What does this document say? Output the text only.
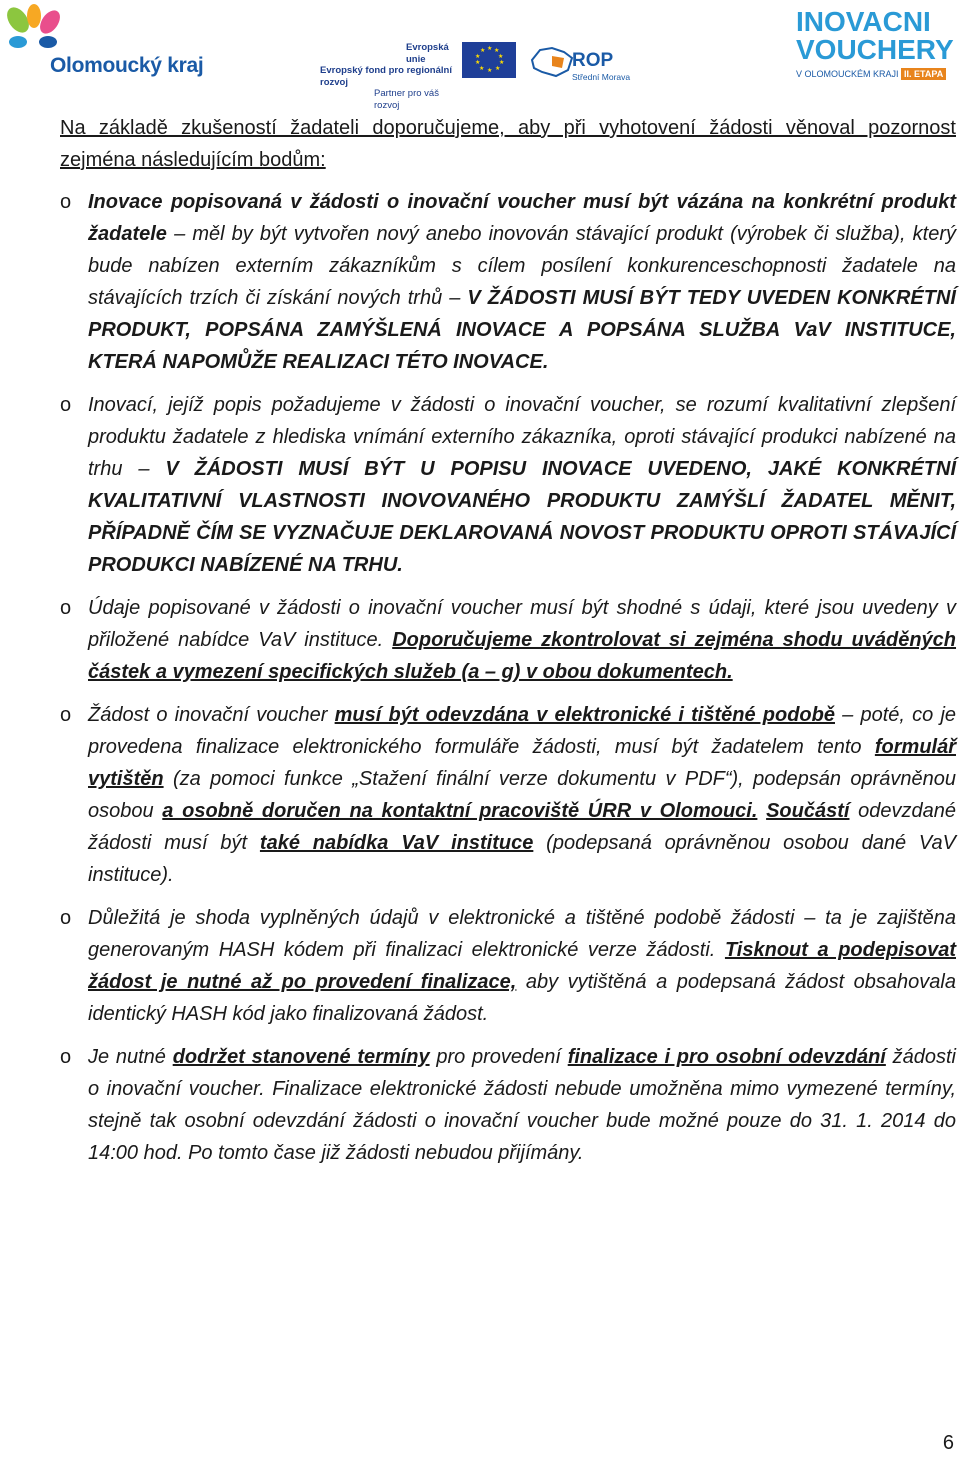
Olomoucký kraj
Evropská unie
Evropský fond pro regionální rozvoj
Partner pro váš rozvoj
★ ★
★
★
★
★
★
★
★
★	ROP
Střední Morava
INOVACNI
VOUCHERY
V OLOMOUCKÉM KRAJI II. ETAPA

Na základě zkušeností žadateli doporučujeme, aby při vyhotovení žádosti věnoval pozornost zejména následujícím bodům:

o Inovace popisovaná v žádosti o inovační voucher musí být vázána na konkrétní produkt žadatele – měl by být vytvořen nový anebo inovován stávající produkt (výrobek či služba), který bude nabízen externím zákazníkům s cílem posílení konkurenceschopnosti žadatele na stávajících trzích či získání nových trhů – V ŽÁDOSTI MUSÍ BÝT TEDY UVEDEN KONKRÉTNÍ PRODUKT, POPSÁNA ZAMÝŠLENÁ INOVACE A POPSÁNA SLUŽBA VaV INSTITUCE, KTERÁ NAPOMŮŽE REALIZACI TÉTO INOVACE.
o Inovací, jejíž popis požadujeme v žádosti o inovační voucher, se rozumí kvalitativní zlepšení produktu žadatele z hlediska vnímání externího zákazníka, oproti stávající produkci nabízené na trhu – V ŽÁDOSTI MUSÍ BÝT U POPISU INOVACE UVEDENO, JAKÉ KONKRÉTNÍ KVALITATIVNÍ VLASTNOSTI INOVOVANÉHO PRODUKTU ZAMÝŠLÍ ŽADATEL MĚNIT, PŘÍPADNĚ ČÍM SE VYZNAČUJE DEKLAROVANÁ NOVOST PRODUKTU OPROTI STÁVAJÍCÍ PRODUKCI NABÍZENÉ NA TRHU.
o Údaje popisované v žádosti o inovační voucher musí být shodné s údaji, které jsou uvedeny v přiložené nabídce VaV instituce. Doporučujeme zkontrolovat si zejména shodu uváděných částek a vymezení specifických služeb (a – g) v obou dokumentech.
o Žádost o inovační voucher musí být odevzdána v elektronické i tištěné podobě – poté, co je provedena finalizace elektronického formuláře žádosti, musí být žadatelem tento formulář vytištěn (za pomoci funkce „Stažení finální verze dokumentu v PDF“), podepsán oprávněnou osobou a osobně doručen na kontaktní pracoviště ÚRR v Olomouci. Součástí odevzdané žádosti musí být také nabídka VaV instituce (podepsaná oprávněnou osobou dané VaV instituce).
o Důležitá je shoda vyplněných údajů v elektronické a tištěné podobě žádosti – ta je zajištěna generovaným HASH kódem při finalizaci elektronické verze žádosti. Tisknout a podepisovat žádost je nutné až po provedení finalizace, aby vytištěná a podepsaná žádost obsahovala identický HASH kód jako finalizovaná žádost.
o Je nutné dodržet stanovené termíny pro provedení finalizace i pro osobní odevzdání žádosti o inovační voucher. Finalizace elektronické žádosti nebude umožněna mimo vymezené termíny, stejně tak osobní odevzdání žádosti o inovační voucher bude možné pouze do 31. 1. 2014 do 14:00 hod. Po tomto čase již žádosti nebudou přijímány.
6
